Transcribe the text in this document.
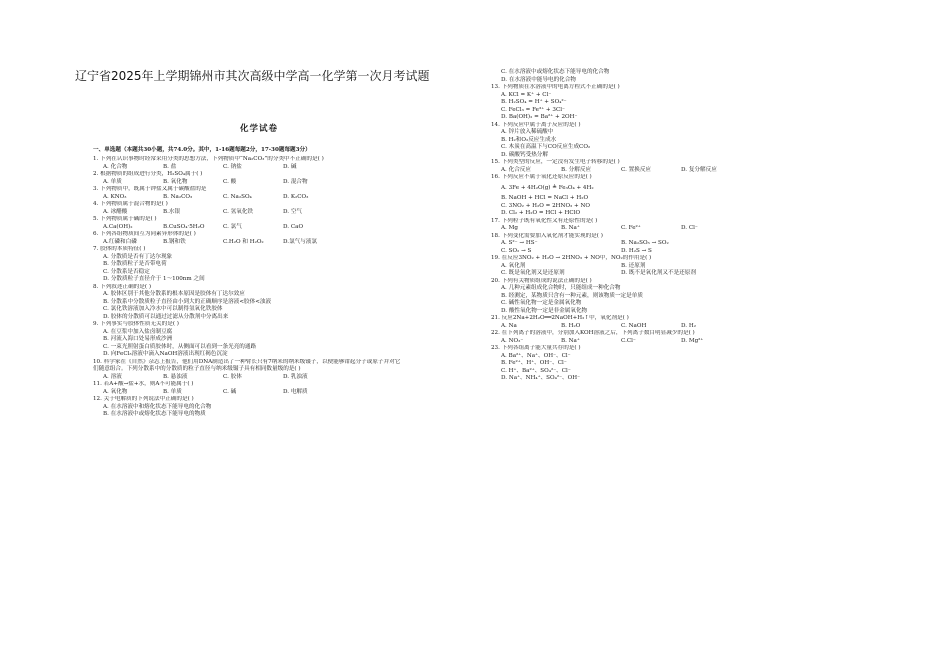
辽宁省2025年上学期锦州市其次高级中学高一化学第一次月考试题
化学试卷
一、单选题（本题共30小题，共74.0分。其中，1-16题每题2分，17-30题每题3分）
1. 下列在认识事物时经常采用分类的思想方法，下列物质中“Na₂CO₃”的分类中不正确的是( )
A. 化合物	B. 盐	C. 钠盐	D. 碱
2. 根据物质的组成进行分类，H₂SO₄属于( )
A. 单质	B. 氧化物	C. 酸	D. 混合物
3. 下列物质中，既属于钾盐又属于碳酸盐的是
A. KNO₃	B. Na₂CO₃	C. Na₂SO₄	D. K₂CO₃
4. 下列物质属于混合物的是( )
A. 冰醋酸	B.水银	C. 氢氧化铁	D. 空气
5. 下列物质属于碱的是( )
A.Ca(OH)₂	B.CuSO₄·5H₂O	C. 氯气	D. CaO
6. 下列各组物质间互为同素异形体的是( )
A.红磷和白磷	B.钢和铁	C.H₂O 和 H₂O₂	D.氯气与液氯
7. 胶体的本质特征( )
A. 分散质是否有丁达尔现象
B. 分散质粒子是否带电荷
C. 分散系是否稳定
D. 分散质粒子直径介于 1～100nm 之间
8. 下列叙述正确的是( )
A. 胶体区别于其他分散系的根本原因是胶体有丁达尔效应
B. 分散系中分散质粒子直径由小到大的正确顺序是溶液<胶体<浊液
C. 氯化铁溶液加入冷水中可以制得氢氧化铁胶体
D. 胶体的分散质可以通过过滤从分散剂中分离出来
9. 下列事实与胶体性质无关的是( )
A. 在豆浆中加入盐卤制豆腐
B. 河流入海口处易形成沙洲
C. 一束光照射蛋白质胶体时，从侧面可以看到一条光亮的通路
D. 向FeCl₃溶液中滴入NaOH溶液出现红褐色沉淀
10. 科学家在《自然》杂志上报告，他们用DNA制造出了一种臂长只有7纳米的纳米级镊子，以便能够钳起分子或原子并对它们随意组合。下列分散系中的分散质的粒子直径与纳米级镊子具有相同数量级的是( )
A. 溶液	B. 悬浊液	C. 胶体	D. 乳浊液
11. 若A+酸→盐+水，则A不可能属于( )
A. 氧化物	B. 单质	C. 碱	D. 电解质
12. 关于电解质的下列说法中正确的是( )
A. 在水溶液中和熔化状态下能导电的化合物
B. 在水溶液中或熔化状态下能导电的物质
C. 在水溶液中或熔化状态下能导电的化合物
D. 在水溶液中能导电的化合物
13. 下列物质在水溶液中的电离方程式不正确的是( )
A. KCl = K⁺ + Cl⁻
B. H₂SO₄ = H⁺ + SO₄²⁻
C. FeCl₃ = Fe³⁺ + 3Cl⁻
D. Ba(OH)₂ = Ba²⁺ + 2OH⁻
14. 下列反应中属于离子反应的是( )
A. 锌片放入稀硫酸中
B. H₂和O₂反应生成水
C. 木炭在高温下与CO反应生成CO₂
D. 碳酸钙受热分解
15. 下列类型的反应，一定没有发生电子转移的是( )
A. 化合反应	B. 分解反应	C. 置换反应	D. 复分解反应
16. 下列反应不属于氧化还原反应的是( )
A. 3Fe + 4H₂O(g) ≜ Fe₃O₄ + 4H₂
B. NaOH + HCl = NaCl + H₂O
C. 3NO₂ + H₂O = 2HNO₃ + NO
D. Cl₂ + H₂O = HCl + HClO
17. 下列粒子既有氧化性又有还原性的是( )
A. Mg	B. Na⁺	C. Fe²⁺	D. Cl⁻
18. 下列变化需要加入氧化剂才能实现的是( )
A. S²⁻ → HS⁻	B. Na₂SO₃ → SO₂
C. SO₂ → S	D. H₂S → S
19. 在反应3NO₂ + H₂O → 2HNO₃ + NO中，NO₂的作用是( )
A. 氧化剂	B. 还原剂
C. 既是氧化剂又是还原剂	D. 既不是氧化剂又不是还原剂
20. 下列有关物质组成的说法正确的是( )
A. 几种元素组成化合物时，只能组成一种化合物
B. 经测定，某物质只含有一种元素，则该物质一定是单质
C. 碱性氧化物一定是金属氧化物
D. 酸性氧化物一定是非金属氧化物
21. 反应2Na+2H₂O══2NaOH+H₂↑中，氧化剂是( )
A. Na	B. H₂O	C. NaOH	D. H₂
22. 在下列离子的溶液中，分别加入KOH溶液之后，下列离子数目明显减少的是( )
A. NO₃⁻	B. Na⁺	C.Cl⁻	D. Mg²⁺
23. 下列各组离子能大量共存的是( )
A. Ba²⁺、Na⁺、OH⁻、Cl⁻
B. Fe²⁺、H⁺、OH⁻、Cl⁻
C. H⁺、Ba²⁺、SO₄²⁻、Cl⁻
D. Na⁺、NH₄⁺、SO₄²⁻、OH⁻
